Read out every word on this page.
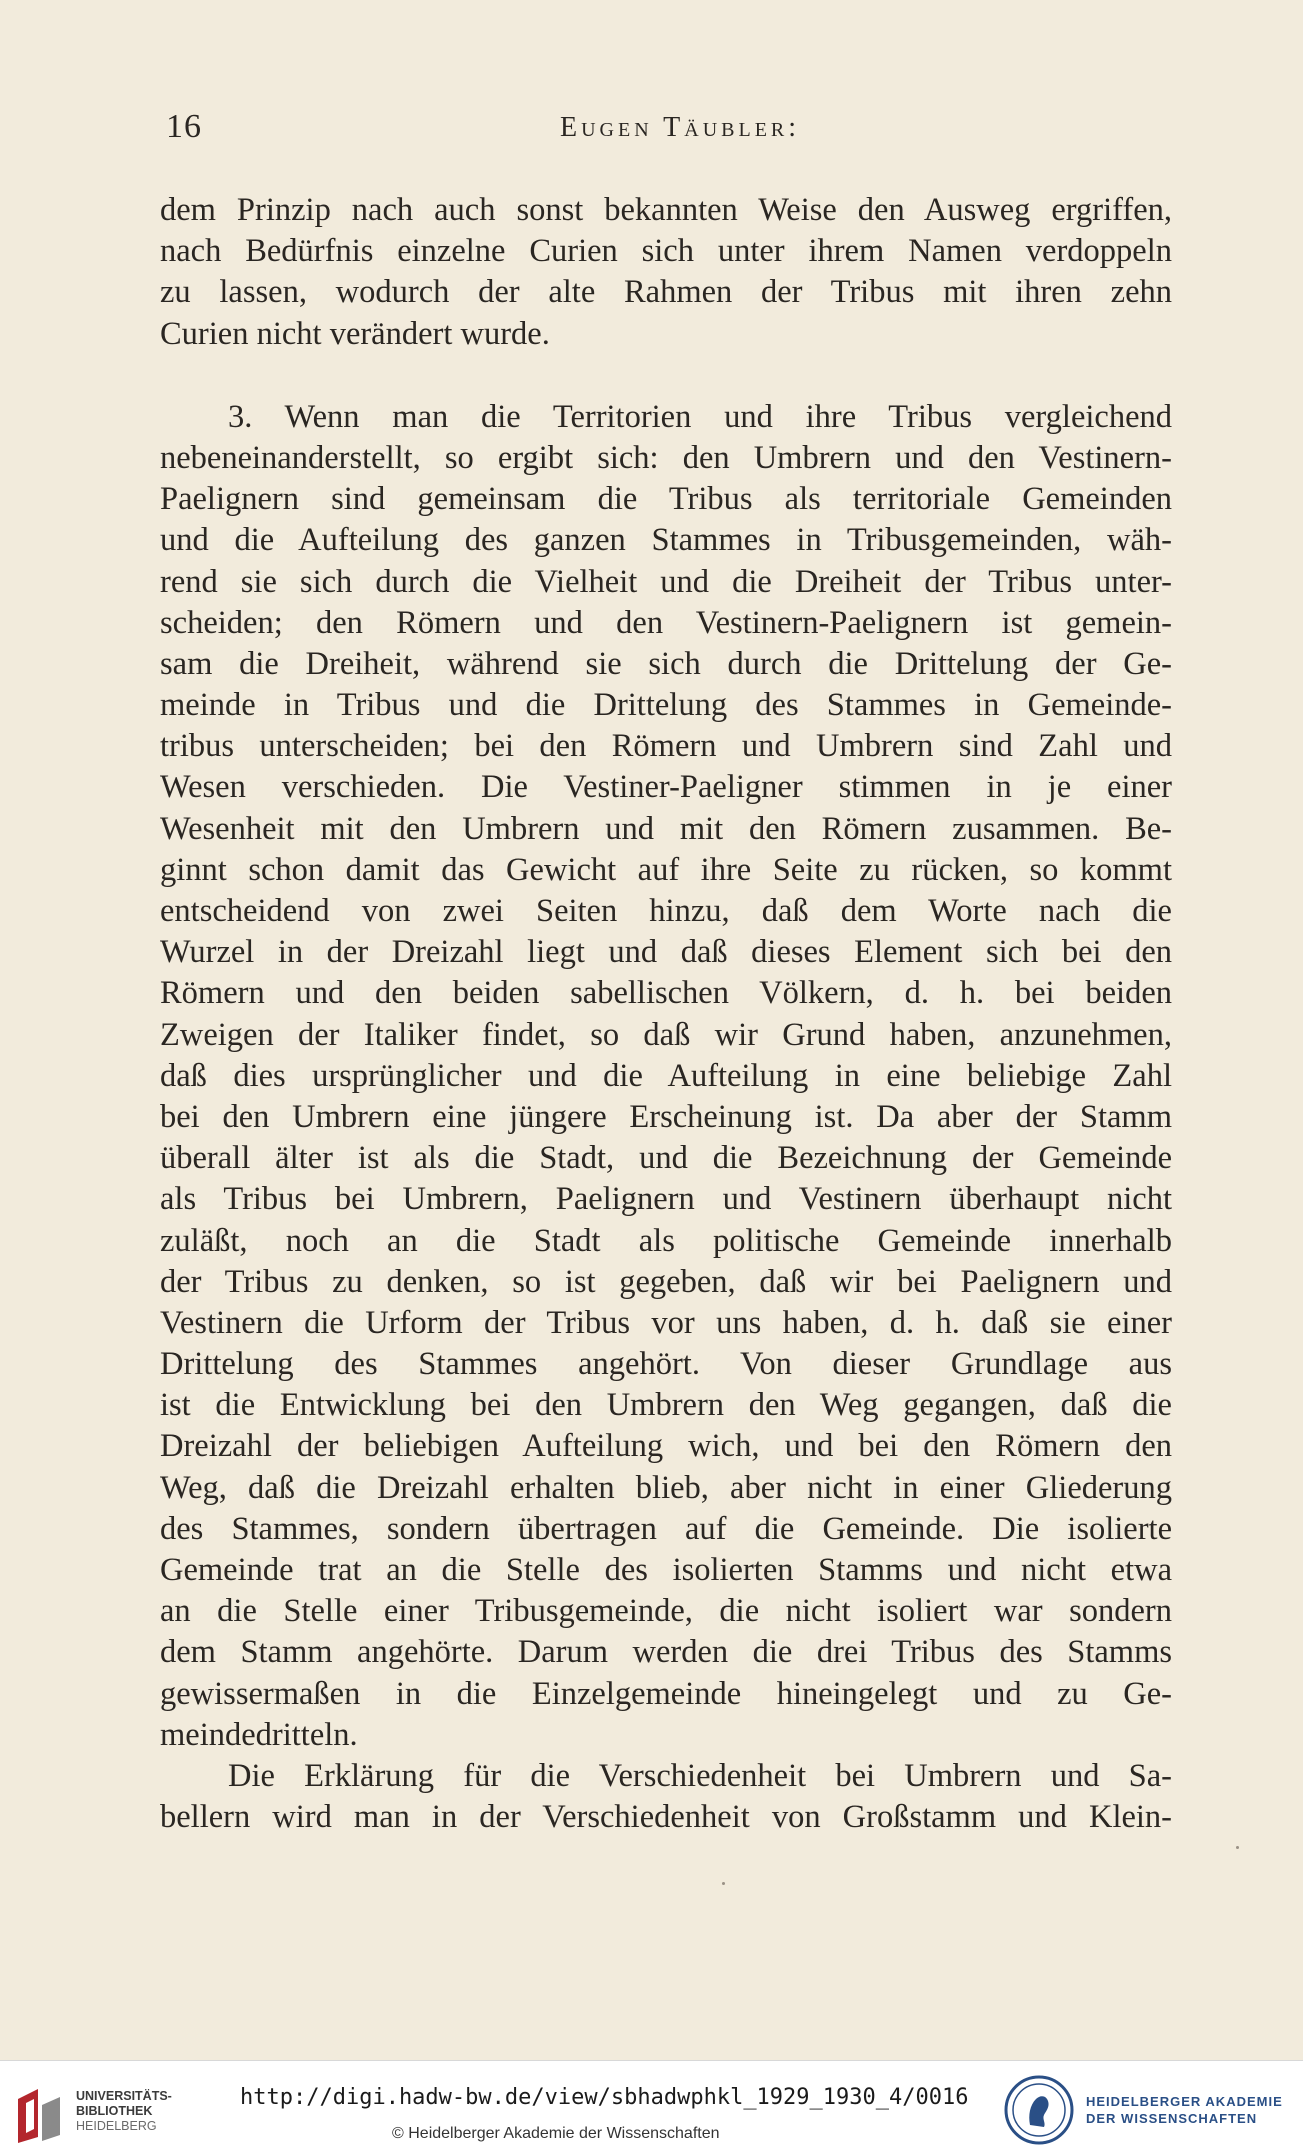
16	Eugen Täubler:
dem Prinzip nach auch sonst bekannten Weise den Ausweg ergriffen,
nach Bedürfnis einzelne Curien sich unter ihrem Namen verdoppeln
zu lassen, wodurch der alte Rahmen der Tribus mit ihren zehn
Curien nicht verändert wurde.
3. Wenn man die Territorien und ihre Tribus vergleichend
nebeneinanderstellt, so ergibt sich: den Umbrern und den Vestinern-
Paelignern sind gemeinsam die Tribus als territoriale Gemeinden
und die Aufteilung des ganzen Stammes in Tribusgemeinden, wäh-
rend sie sich durch die Vielheit und die Dreiheit der Tribus unter-
scheiden; den Römern und den Vestinern-Paelignern ist gemein-
sam die Dreiheit, während sie sich durch die Drittelung der Ge-
meinde in Tribus und die Drittelung des Stammes in Gemeinde-
tribus unterscheiden; bei den Römern und Umbrern sind Zahl und
Wesen verschieden. Die Vestiner-Paeligner stimmen in je einer
Wesenheit mit den Umbrern und mit den Römern zusammen. Be-
ginnt schon damit das Gewicht auf ihre Seite zu rücken, so kommt
entscheidend von zwei Seiten hinzu, daß dem Worte nach die
Wurzel in der Dreizahl liegt und daß dieses Element sich bei den
Römern und den beiden sabellischen Völkern, d. h. bei beiden
Zweigen der Italiker findet, so daß wir Grund haben, anzunehmen,
daß dies ursprünglicher und die Aufteilung in eine beliebige Zahl
bei den Umbrern eine jüngere Erscheinung ist. Da aber der Stamm
überall älter ist als die Stadt, und die Bezeichnung der Gemeinde
als Tribus bei Umbrern, Paelignern und Vestinern überhaupt nicht
zuläßt, noch an die Stadt als politische Gemeinde innerhalb
der Tribus zu denken, so ist gegeben, daß wir bei Paelignern und
Vestinern die Urform der Tribus vor uns haben, d. h. daß sie einer
Drittelung des Stammes angehört. Von dieser Grundlage aus
ist die Entwicklung bei den Umbrern den Weg gegangen, daß die
Dreizahl der beliebigen Aufteilung wich, und bei den Römern den
Weg, daß die Dreizahl erhalten blieb, aber nicht in einer Gliederung
des Stammes, sondern übertragen auf die Gemeinde. Die isolierte
Gemeinde trat an die Stelle des isolierten Stamms und nicht etwa
an die Stelle einer Tribusgemeinde, die nicht isoliert war sondern
dem Stamm angehörte. Darum werden die drei Tribus des Stamms
gewissermaßen in die Einzelgemeinde hineingelegt und zu Ge-
meindedritteln.
Die Erklärung für die Verschiedenheit bei Umbrern und Sa-
bellern wird man in der Verschiedenheit von Großstamm und Klein-
UNIVERSITÄTS-
BIBLIOTHEK
HEIDELBERG
http://digi.hadw-bw.de/view/sbhadwphkl_1929_1930_4/0016
© Heidelberger Akademie der Wissenschaften
HEIDELBERGER AKADEMIE
DER WISSENSCHAFTEN
